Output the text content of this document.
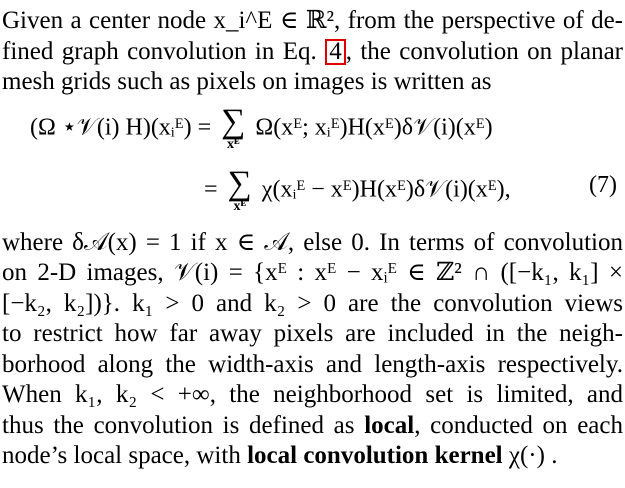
Given a center node x_i^E ∈ ℝ², from the perspective of de-
fined graph convolution in Eq. 4 , the convolution on planar
mesh grids such as pixels on images is written as

(Ω ⋆𝒱(i) H)(xᵢᴱ) = ∑
xᴱ
Ω(xᴱ; xᵢᴱ)H(xᴱ)δ𝒱(i)(xᴱ)
= ∑
xᴱ
χ(xᵢᴱ − xᴱ)H(xᴱ)δ𝒱(i)(xᴱ),	(7)

where δ𝒜(x) = 1 if x ∈ 𝒜, else 0. In terms of convolution
on 2-D images, 𝒱(i) = {xᴱ : xᴱ − xᵢᴱ ∈ ℤ² ∩ ([−k₁, k₁] ×
[−k₂, k₂])}. k₁ > 0 and k₂ > 0 are the convolution views
to restrict how far away pixels are included in the neigh-
borhood along the width-axis and length-axis respectively.
When k₁, k₂ < +∞, the neighborhood set is limited, and
thus the convolution is defined as local, conducted on each
node’s local space, with local convolution kernel χ(·) .
